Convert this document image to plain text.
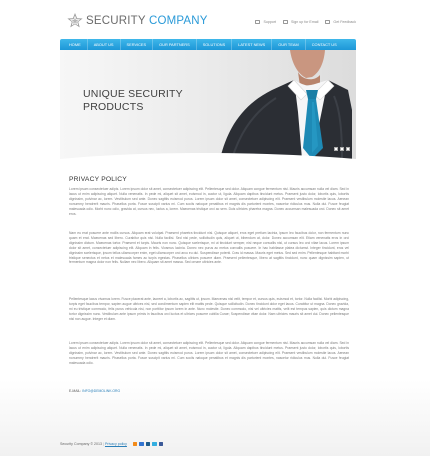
SECURITY COMPANY	Support	Sign up for Email	Get Feedback
HOME	ABOUT US	SERVICES	OUR PARTNERS	SOLUTIONS	LATEST NEWS	OUR TEAM	CONTACT US
UNIQUE SECURITY PRODUCTS
PRIVACY POLICY

Lorem ipsum consectetuer adipis. Lorem ipsum dolor sit amet, consectetuer adipiscing elit. Pellentesque sed dolor. Aliquam congue fermentum nisl. Mauris accumsan nulla vel diam. Sed in lacus ut enim adipiscing aliquet. Nulla venenatis. In pede mi, aliquet sit amet, euismod in, auctor ut, ligula. Aliquam dapibus tincidunt metus. Praesent justo dolor, lobortis quis, lobortis dignissim, pulvinar ac, lorem. Vestibulum sed ante. Donec sagittis euismod purus. Lorem ipsum dolor sit amet, consectetuer adipiscing elit. Praesent vestibulum molestie lacus. Aenean nonummy hendrerit mauris. Phasellus porta. Fusce suscipit varius mi. Cum sociis natoque penatibus et magnis dis parturient montes, nascetur ridiculus mus. Nulla dui. Fusce feugiat malesuada odio. Morbi nunc odio, gravida at, cursus nec, luctus a, lorem. Maecenas tristique orci ac sem. Duis ultricies pharetra magna. Donec accumsan malesuada orci. Donec sit amet eros.

Nam eu erat posuere ante mollis cursus. Aliquam erat volutpat. Praesent pharetra tincidunt nisl. Quisque aliquet, eros eget pretium lacinia, ipsum leo faucibus dolor, non fermentum nunc quam et erat. Maecenas sed libero. Curabitur quis nisi. Nulla facilisi. Sed nisi pede, sollicitudin quis, aliquet ut, bibendum at, dolor. Donec accumsan elit. Etiam venenatis eros in orci dignissim dictum. Maecenas tortor. Praesent et turpis. Mauris non nunc. Quisque scelerisque, mi ut tincidunt semper, nisl neque convallis nisl, ut cursus leo orci vitae lacus. Lorem ipsum dolor sit amet, consectetuer adipiscing elit. Aliquam in felis. Vivamus lacinia. Donec nec purus ac metus convallis posuere. In hac habitasse platea dictumst. Integer tincidunt, eros vel dignissim scelerisque, ipsum tellus ullamcorper enim, eget ullamcorper orci arcu eu dui. Suspendisse potenti. Cras id massa. Mauris eget metus. Sed sed enim. Pellentesque habitant morbi tristique senectus et netus et malesuada fames ac turpis egestas. Phasellus ultrices posuere diam. Praesent pellentesque, libero at sagittis tincidunt, nunc quam dignissim sapien, ut fermentum magna dolor non felis. Nullam nec libero. Aliquam sit amet massa. Sed ornare ultricies ante.

Pellentesque lacus vivamus lorem. Fusce placerat ante, laoreet a, lobortis ac, sagittis ut, ipsum. Maecenas nisl velit, tempor et, cursus quis, euismod et, tortor. Nulla facilisi. Morbi adipiscing, turpis eget faucibus tempor, sapien augue ultrices nisl, sed condimentum sapien elit mattis pede. Quisque sollicitudin. Donec tincidunt dolor eget lacus. Curabitur ut magna. Donec gravida, mi eu tristique commodo, felis purus vehicula nisi, non porttitor ipsum lorem in ante. Nunc molestie. Donec commodo, nisi vel ultricies mattis, velit est tempus sapien, quis dictum magna tortor dignissim nunc. Vestibulum ante ipsum primis in faucibus orci luctus et ultrices posuere cubilia Curae; Suspendisse vitae dolor. Nam ultricies mauris sit amet dui. Donec pellentesque nisl non augue. Integer et diam.

Lorem ipsum consectetuer adipis. Lorem ipsum dolor sit amet, consectetuer adipiscing elit. Pellentesque sed dolor. Aliquam congue fermentum nisl. Mauris accumsan nulla vel diam. Sed in lacus ut enim adipiscing aliquet. Nulla venenatis. In pede mi, aliquet sit amet, euismod in, auctor ut, ligula. Aliquam dapibus tincidunt metus. Praesent justo dolor, lobortis quis, lobortis dignissim, pulvinar ac, lorem. Vestibulum sed ante. Donec sagittis euismod purus. Lorem ipsum dolor sit amet, consectetuer adipiscing elit. Praesent vestibulum molestie lacus. Aenean nonummy hendrerit mauris. Phasellus porta. Fusce suscipit varius mi. Cum sociis natoque penatibus et magnis dis parturient montes, nascetur ridiculus mus. Nulla dui. Fusce feugiat malesuada odio.

E-MAIL: INFO@DEMOLINK.ORG
Security Company © 2013 | Privacy policy
